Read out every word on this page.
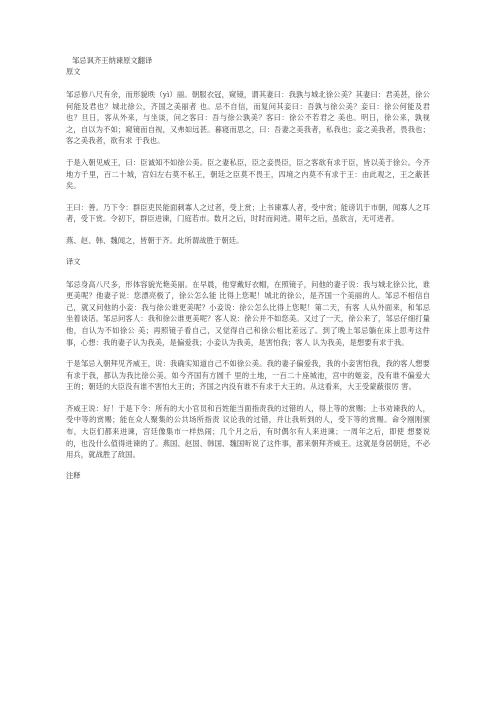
邹忌讽齐王纳谏原文翻译
原文

邹忌修八尺有余，而形貌昳（yì）丽。朝服衣冠，窥镜，谓其妻曰：我孰与城北徐公美？其妻曰：君美甚，徐公何能及君也？城北徐公，齐国之美丽者 也。忌不自信，而复问其妾曰：吾孰与徐公美？妾曰：徐公何能及君也？旦日，客从外来，与坐谈，问之客曰：吾与徐公孰美？客曰：徐公不若君之 美也。明日，徐公来，孰视之，自以为不如；窥镜而自视，又弗如远甚。暮寝而思之，曰：吾妻之美我者，私我也；妾之美我者，畏我也；客之美我者，欲有求 于我也。

于是入朝见威王，曰：臣诚知不如徐公美。臣之妻私臣，臣之妾畏臣，臣之客欲有求于臣，皆以美于徐公。今齐地方千里，百二十城，宫妇左右莫不私王，朝廷之臣莫不畏王，四境之内莫不有求于王：由此观之，王之蔽甚矣。

王曰：善。乃下令：群臣吏民能面刺寡人之过者，受上赏；上书谏寡人者，受中赏；能谤讥于市朝，闻寡人之耳者，受下赏。令初下，群臣进谏，门庭若市。数月之后，时时而间进。期年之后，虽欲言，无可进者。

燕、赵、韩、魏闻之，皆朝于齐。此所谓战胜于朝廷。

译文

邹忌身高八尺多，形体容貌光艳美丽。在早晨，他穿戴好衣帽，在照镜子，问他的妻子说：我与城北徐公比，谁更美呢？他妻子说：您漂亮极了，徐公怎么能 比得上您呢！城北的徐公，是齐国一个美丽的人。邹忌不相信自己，就又问他的小妾：我与徐公谁更美呢？小妾说：徐公怎么比得上您呢！第二天，有客 人从外面来，和邹忌坐着谈话。邹忌问客人：我和徐公谁更美呢？客人说：徐公并不如您美。又过了一天，徐公来了，邹忌仔细打量他，自认为不如徐公 美；再照镜子看自己，又觉得自己和徐公相比差远了。到了晚上邹忌躺在床上思考这件事，心想：我的妻子认为我美，是偏爱我；小妾认为我美，是害怕我；客人 认为我美，是想要有求于我。

于是邹忌入朝拜见齐威王，说：我确实知道自己不如徐公美。我的妻子偏爱我，我的小妾害怕我，我的客人想要有求于我，都认为我比徐公美。如今齐国有方圆千 里的土地，一百二十座城池，宫中的姬妾，没有谁不偏爱大王的；朝廷的大臣没有谁不害怕大王的；齐国之内没有谁不有求于大王的。从这看来，大王受蒙蔽很厉 害。

齐威王说：好！于是下令：所有的大小官员和百姓能当面指责我的过错的人，得上等的赏赐；上书劝谏我的人，受中等的赏赐；能在众人聚集的公共场所指责 议论我的过错，并让我听到的人，受下等的赏赐。命令刚刚颁布，大臣们都来进谏，宫廷像集市一样热闹；几个月之后，有时偶尔有人来进谏；一周年之后，即使 想要说的，也没什么值得进谏的了。燕国、赵国、韩国、魏国听说了这件事，都来朝拜齐威王。这就是身居朝廷，不必用兵，就战胜了敌国。

注释
